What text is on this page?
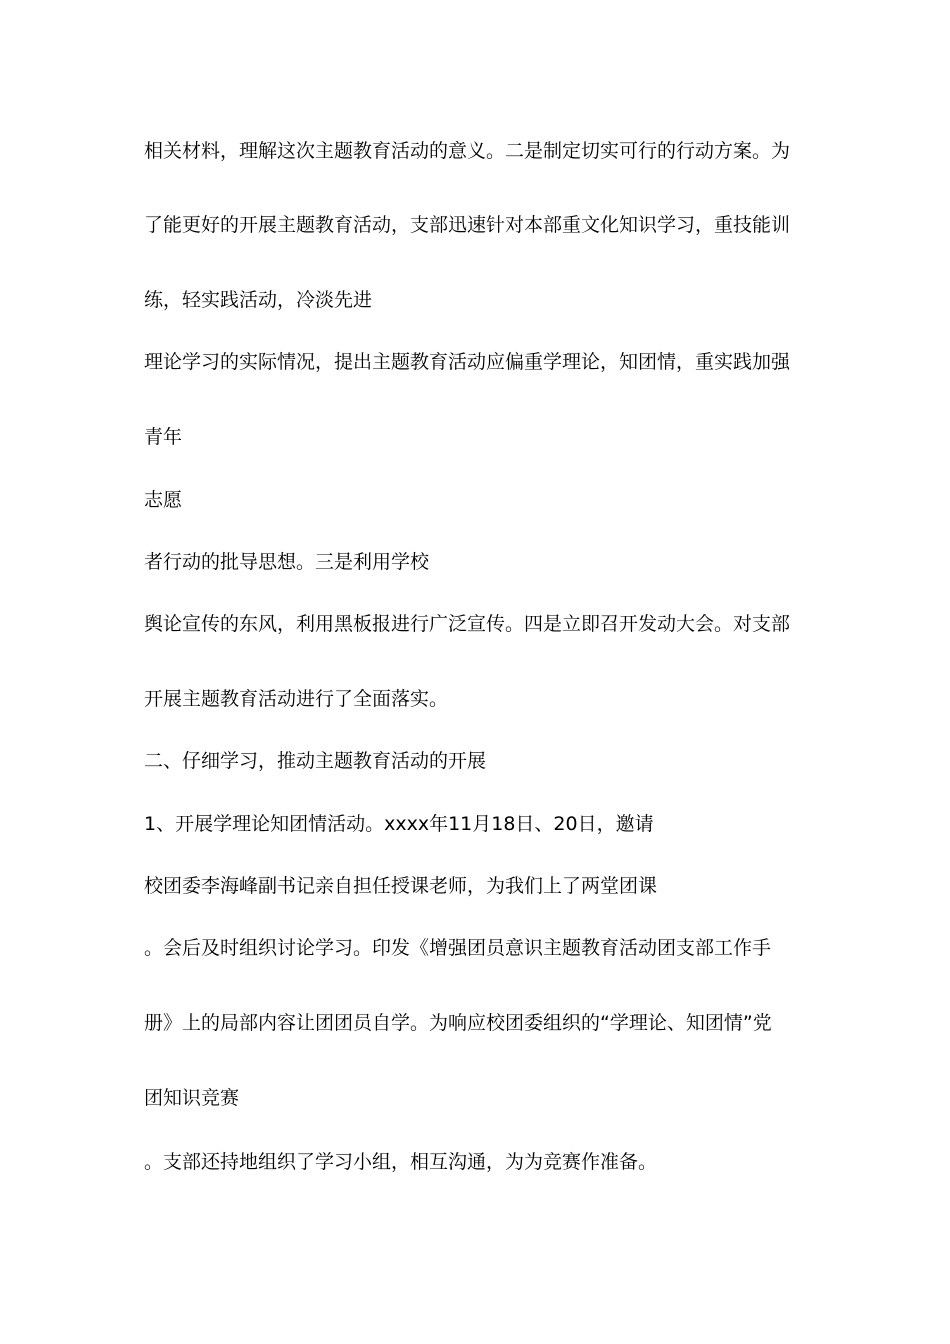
相关材料，理解这次主题教育活动的意义。二是制定切实可行的行动方案。为
了能更好的开展主题教育活动，支部迅速针对本部重文化知识学习，重技能训
练，轻实践活动，冷淡先进
理论学习的实际情况，提出主题教育活动应偏重学理论，知团情，重实践加强
青年
志愿
者行动的批导思想。三是利用学校
舆论宣传的东风，利用黑板报进行广泛宣传。四是立即召开发动大会。对支部
开展主题教育活动进行了全面落实。
二、仔细学习，推动主题教育活动的开展
1、开展学理论知团情活动。xxxx年11月18日、20日，邀请
校团委李海峰副书记亲自担任授课老师，为我们上了两堂团课
。会后及时组织讨论学习。印发《增强团员意识主题教育活动团支部工作手
册》上的局部内容让团团员自学。为响应校团委组织的“学理论、知团情”党
团知识竞赛
。支部还持地组织了学习小组，相互沟通，为为竞赛作准备。
